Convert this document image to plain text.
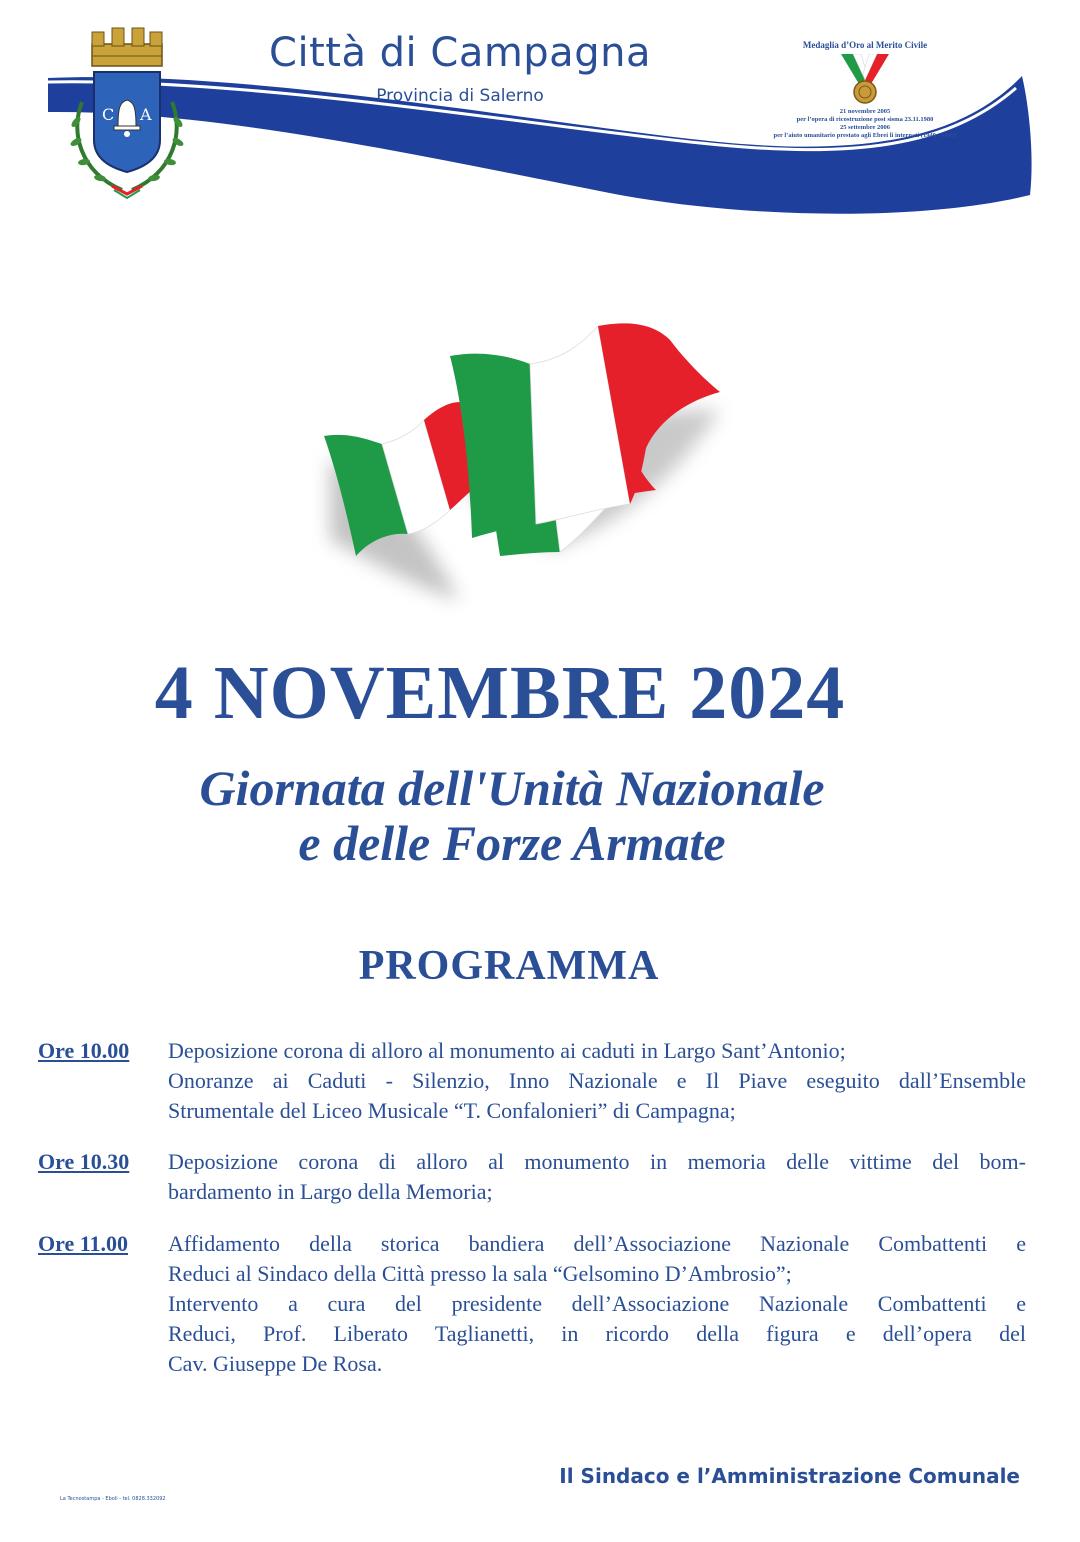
C A
Città di Campagna
Provincia di Salerno
Medaglia d’Oro al Merito Civile
21 novembre 2005
per l’opera di ricostruzione post sisma 23.11.1980
25 settembre 2006
per l’aiuto umanitario prestato agli Ebrei li internati (1940 - 1943)
4 NOVEMBRE 2024
Giornata dell'Unità Nazionale
e delle Forze Armate
PROGRAMMA
Ore 10.00	Deposizione corona di alloro al monumento ai caduti in Largo Sant’Antonio;
Onoranze ai Caduti - Silenzio, Inno Nazionale e Il Piave eseguito dall’Ensemble
Strumentale del Liceo Musicale “T. Confalonieri” di Campagna;
Ore 10.30	Deposizione corona di alloro al monumento in memoria delle vittime del bom-
bardamento in Largo della Memoria;
Ore 11.00	Affidamento della storica bandiera dell’Associazione Nazionale Combattenti e
Reduci al Sindaco della Città presso la sala “Gelsomino D’Ambrosio”;
Intervento a cura del presidente dell’Associazione Nazionale Combattenti e
Reduci, Prof. Liberato Taglianetti, in ricordo della figura e dell’opera del
Cav. Giuseppe De Rosa.
Il Sindaco e l’Amministrazione Comunale
La Tecnostampa - Eboli - tel. 0828.332092
